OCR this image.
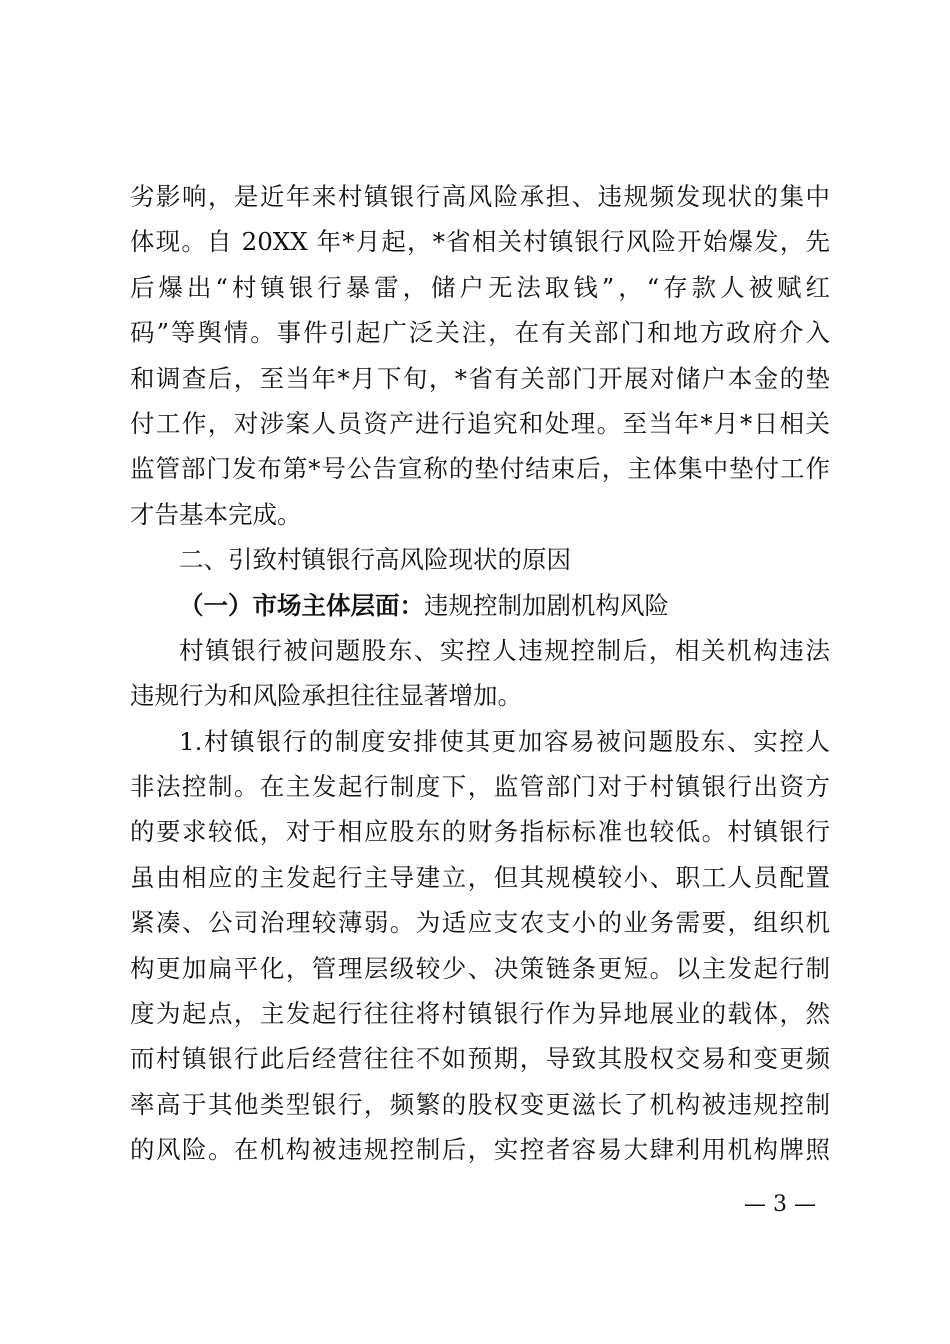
劣影响，是近年来村镇银行高风险承担、违规频发现状的集中
体现。自 20XX 年*月起，*省相关村镇银行风险开始爆发，先
后爆出“村镇银行暴雷，储户无法取钱”，“存款人被赋红
码”等舆情。事件引起广泛关注，在有关部门和地方政府介入
和调查后，至当年*月下旬，*省有关部门开展对储户本金的垫
付工作，对涉案人员资产进行追究和处理。至当年*月*日相关
监管部门发布第*号公告宣称的垫付结束后，主体集中垫付工作
才告基本完成。
二、引致村镇银行高风险现状的原因
（一）市场主体层面：违规控制加剧机构风险
村镇银行被问题股东、实控人违规控制后，相关机构违法
违规行为和风险承担往往显著增加。
1.村镇银行的制度安排使其更加容易被问题股东、实控人
非法控制。在主发起行制度下，监管部门对于村镇银行出资方
的要求较低，对于相应股东的财务指标标准也较低。村镇银行
虽由相应的主发起行主导建立，但其规模较小、职工人员配置
紧凑、公司治理较薄弱。为适应支农支小的业务需要，组织机
构更加扁平化，管理层级较少、决策链条更短。以主发起行制
度为起点，主发起行往往将村镇银行作为异地展业的载体，然
而村镇银行此后经营往往不如预期，导致其股权交易和变更频
率高于其他类型银行，频繁的股权变更滋长了机构被违规控制
的风险。在机构被违规控制后，实控者容易大肆利用机构牌照
— 3 —
